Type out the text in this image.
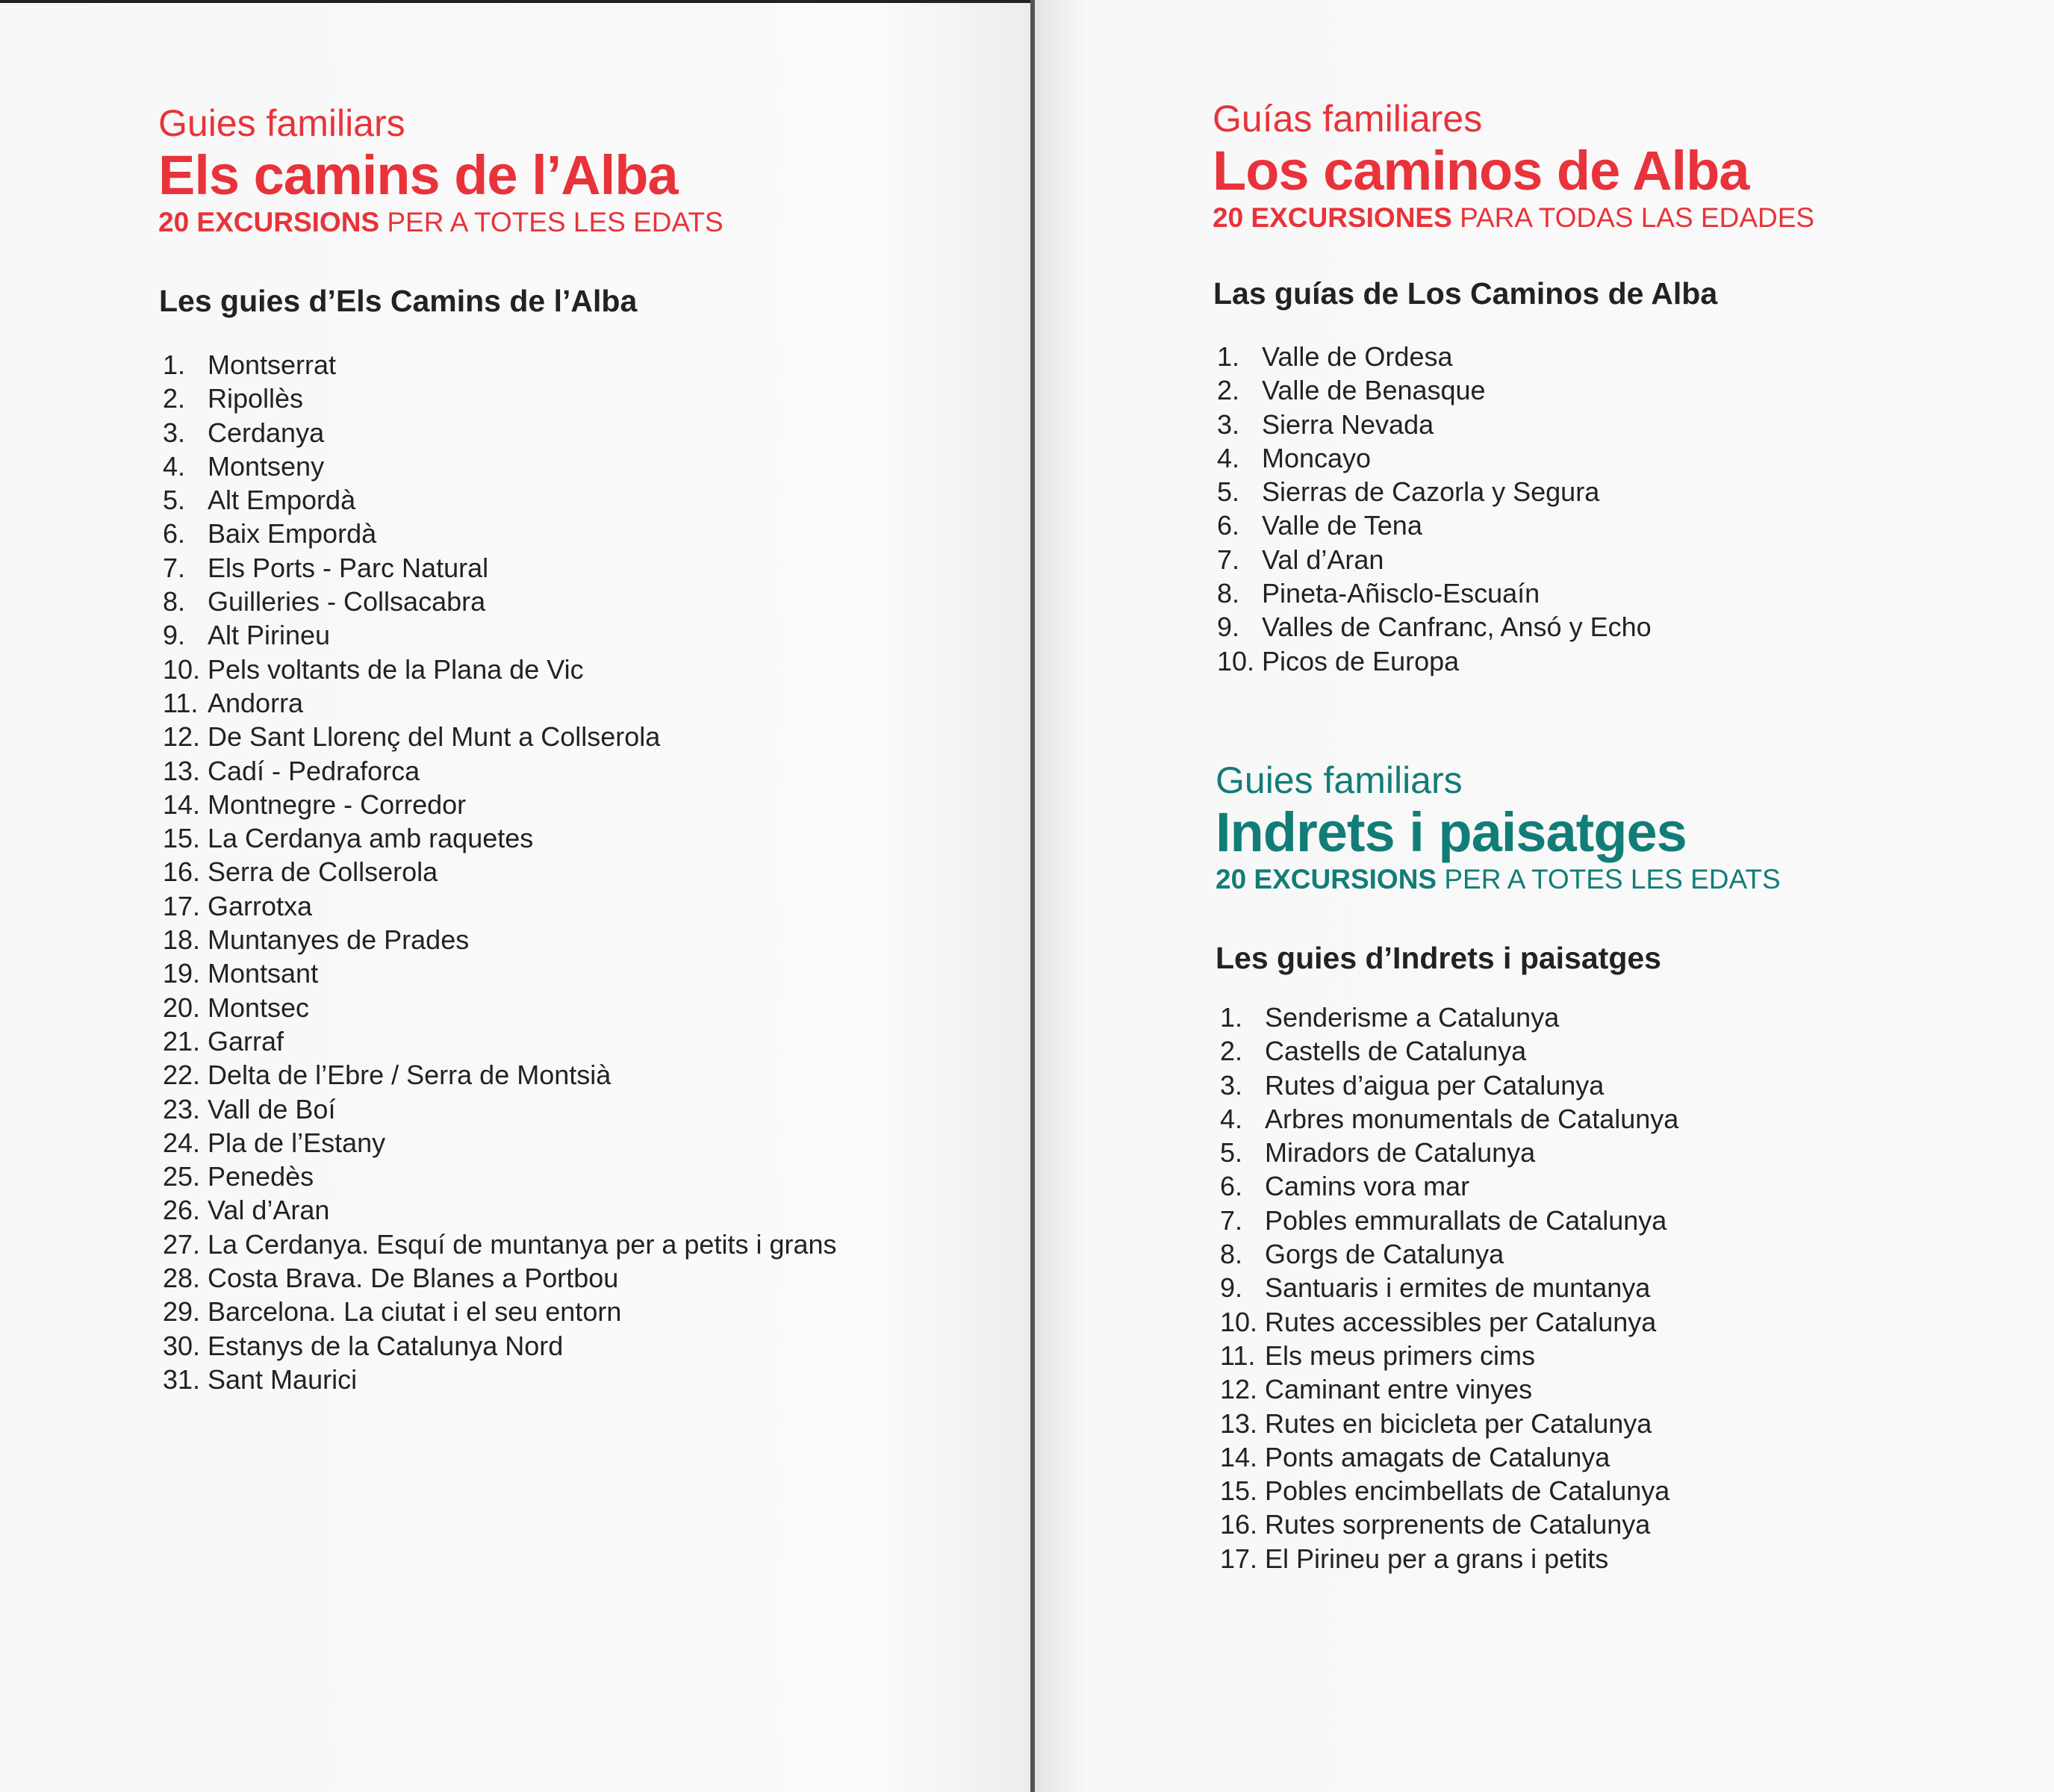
Guies familiars
Els camins de l’Alba
20 EXCURSIONS PER A TOTES LES EDATS
Les guies d’Els Camins de l’Alba
1. Montserrat
2. Ripollès
3. Cerdanya
4. Montseny
5. Alt Empordà
6. Baix Empordà
7. Els Ports - Parc Natural
8. Guilleries - Collsacabra
9. Alt Pirineu
10. Pels voltants de la Plana de Vic
11. Andorra
12. De Sant Llorenç del Munt a Collserola
13. Cadí - Pedraforca
14. Montnegre - Corredor
15. La Cerdanya amb raquetes
16. Serra de Collserola
17. Garrotxa
18. Muntanyes de Prades
19. Montsant
20. Montsec
21. Garraf
22. Delta de l’Ebre / Serra de Montsià
23. Vall de Boí
24. Pla de l’Estany
25. Penedès
26. Val d’Aran
27. La Cerdanya. Esquí de muntanya per a petits i grans
28. Costa Brava. De Blanes a Portbou
29. Barcelona. La ciutat i el seu entorn
30. Estanys de la Catalunya Nord
31. Sant Maurici
Guías familiares
Los caminos de Alba
20 EXCURSIONES PARA TODAS LAS EDADES
Las guías de Los Caminos de Alba
1. Valle de Ordesa
2. Valle de Benasque
3. Sierra Nevada
4. Moncayo
5. Sierras de Cazorla y Segura
6. Valle de Tena
7. Val d’Aran
8. Pineta-Añisclo-Escuaín
9. Valles de Canfranc, Ansó y Echo
10. Picos de Europa
Guies familiars
Indrets i paisatges
20 EXCURSIONS PER A TOTES LES EDATS
Les guies d’Indrets i paisatges
1. Senderisme a Catalunya
2. Castells de Catalunya
3. Rutes d’aigua per Catalunya
4. Arbres monumentals de Catalunya
5. Miradors de Catalunya
6. Camins vora mar
7. Pobles emmurallats de Catalunya
8. Gorgs de Catalunya
9. Santuaris i ermites de muntanya
10. Rutes accessibles per Catalunya
11. Els meus primers cims
12. Caminant entre vinyes
13. Rutes en bicicleta per Catalunya
14. Ponts amagats de Catalunya
15. Pobles encimbellats de Catalunya
16. Rutes sorprenents de Catalunya
17. El Pirineu per a grans i petits
